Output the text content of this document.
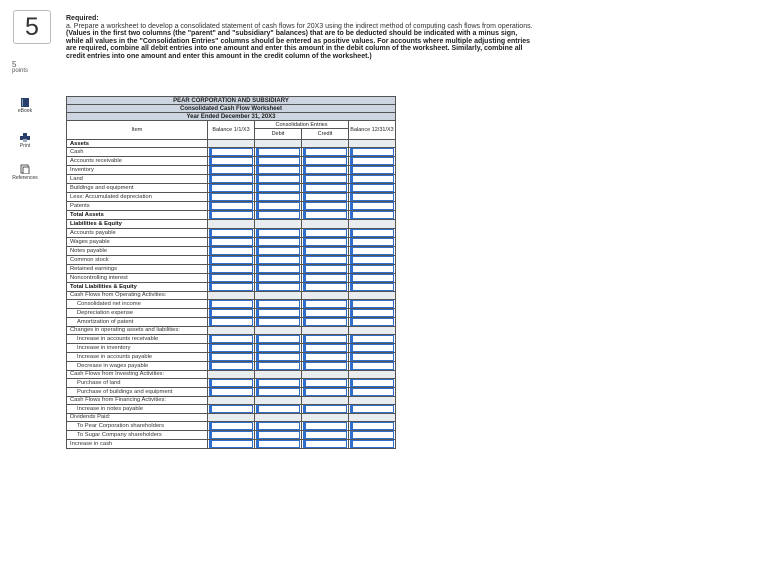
5
5
points
eBook
Print
References
Required:
a. Prepare a worksheet to develop a consolidated statement of cash flows for 20X3 using the indirect method of computing cash flows from operations. (Values in the first two columns (the "parent" and "subsidiary" balances) that are to be deducted should be indicated with a minus sign, while all values in the "Consolidation Entries" columns should be entered as positive values. For accounts where multiple adjusting entries are required, combine all debit entries into one amount and enter this amount in the debit column of the worksheet. Similarly, combine all credit entries into one amount and enter this amount in the credit column of the worksheet.)
PEAR CORPORATION AND SUBSIDIARY				
Consolidated Cash Flow Worksheet				
Year Ended December 31, 20X3				
Item	Balance 1/1/X3	Consolidation Entries		Balance 12/31/X3
		Debit	Credit	
Assets				
Cash	

Accounts receivable	

Inventory	

Land	

Buildings and equipment	

Less: Accumulated depreciation	

Patents	

Total Assets	

Liabilities & Equity				
Accounts payable	

Wages payable	

Notes payable	

Common stock	

Retained earnings	

Noncontrolling interest	

Total Liabilities & Equity	

Cash Flows from Operating Activities:				
Consolidated net income	

Depreciation expense	

Amortization of patent	

Changes in operating assets and liabilities:				
Increase in accounts receivable	

Increase in inventory	

Increase in accounts payable	

Decrease in wages payable	

Cash Flows from Investing Activities:				
Purchase of land	

Purchase of buildings and equipment	

Cash Flows from Financing Activities:				
Increase in notes payable	

Dividends Paid:				
To Pear Corporation shareholders	

To Sugar Company shareholders	

Increase in cash	
